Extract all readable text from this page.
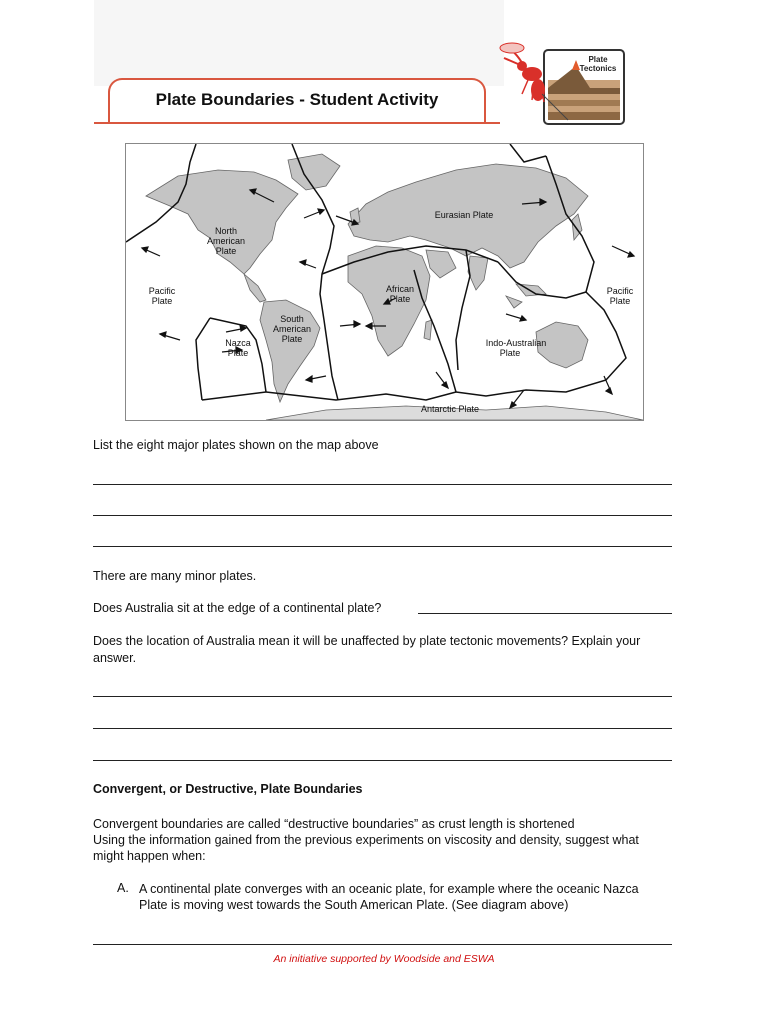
Plate Boundaries - Student Activity
Plate
Tectonics
North
American
Plate
Eurasian Plate
Pacific
Plate
Pacific
Plate
African
Plate
South
American
Plate
Nazca
Plate
Indo-Australian
Plate
Antarctic Plate
List the eight major plates shown on the map above
There are many minor plates.
Does Australia sit at the edge of a continental plate?
Does the location of Australia mean it will be unaffected by plate tectonic movements? Explain your
answer.
Convergent, or Destructive, Plate Boundaries
Convergent boundaries are called “destructive boundaries” as crust length is shortened
Using the information gained from the previous experiments on viscosity and density, suggest what
might happen when:
A. A continental plate converges with an oceanic plate, for example where the oceanic Nazca
Plate is moving west towards the South American Plate. (See diagram above)
An initiative supported by Woodside and ESWA
